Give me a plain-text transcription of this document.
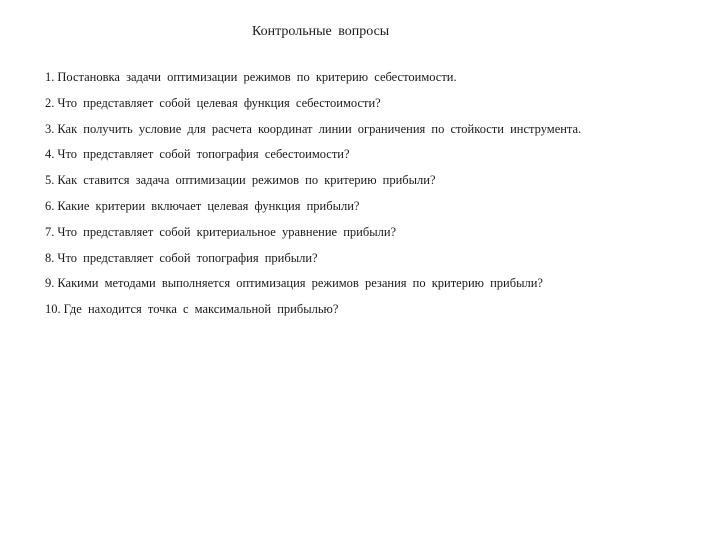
Контрольные вопросы
1. Постановка задачи оптимизации режимов по критерию себестоимости.
2. Что представляет собой целевая функция себестоимости?
3. Как получить условие для расчета координат линии ограничения по стойкости инструмента.
4. Что представляет собой топография себестоимости?
5. Как ставится задача оптимизации режимов по критерию прибыли?
6. Какие критерии включает целевая функция прибыли?
7. Что представляет собой критериальное уравнение прибыли?
8. Что представляет собой топография прибыли?
9. Какими методами выполняется оптимизация режимов резания по критерию прибыли?
10. Где находится точка с максимальной прибылью?
